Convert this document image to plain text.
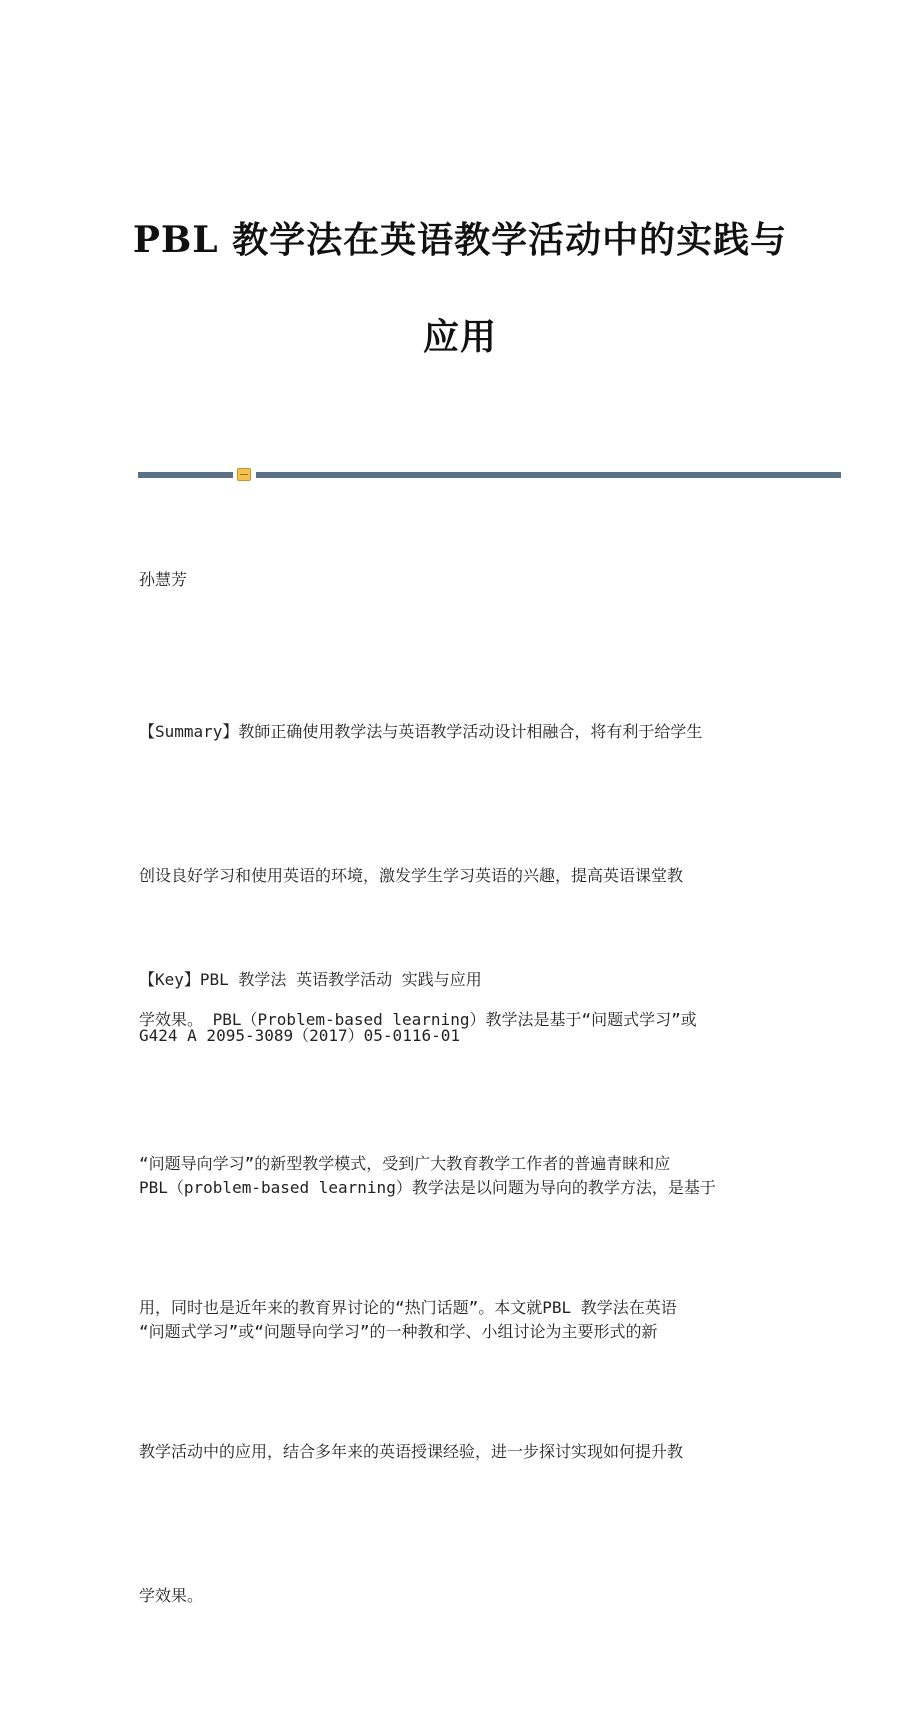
PBL 教学法在英语教学活动中的实践与
应用

孙慧芳

【Summary】教師正确使用教学法与英语教学活动设计相融合，将有利于给学生

创设良好学习和使用英语的环境，激发学生学习英语的兴趣，提高英语课堂教

学效果。 PBL（Problem-based learning）教学法是基于“问题式学习”或

“问题导向学习”的新型教学模式，受到广大教育教学工作者的普遍青睐和应

用，同时也是近年来的教育界讨论的“热门话题”。本文就PBL 教学法在英语

教学活动中的应用，结合多年来的英语授课经验，进一步探讨实现如何提升教

学效果。

【Key】PBL 教学法 英语教学活动 实践与应用

G424 A 2095-3089（2017）05-0116-01

PBL（problem-based learning）教学法是以问题为导向的教学方法，是基于

“问题式学习”或“问题导向学习”的一种教和学、小组讨论为主要形式的新
